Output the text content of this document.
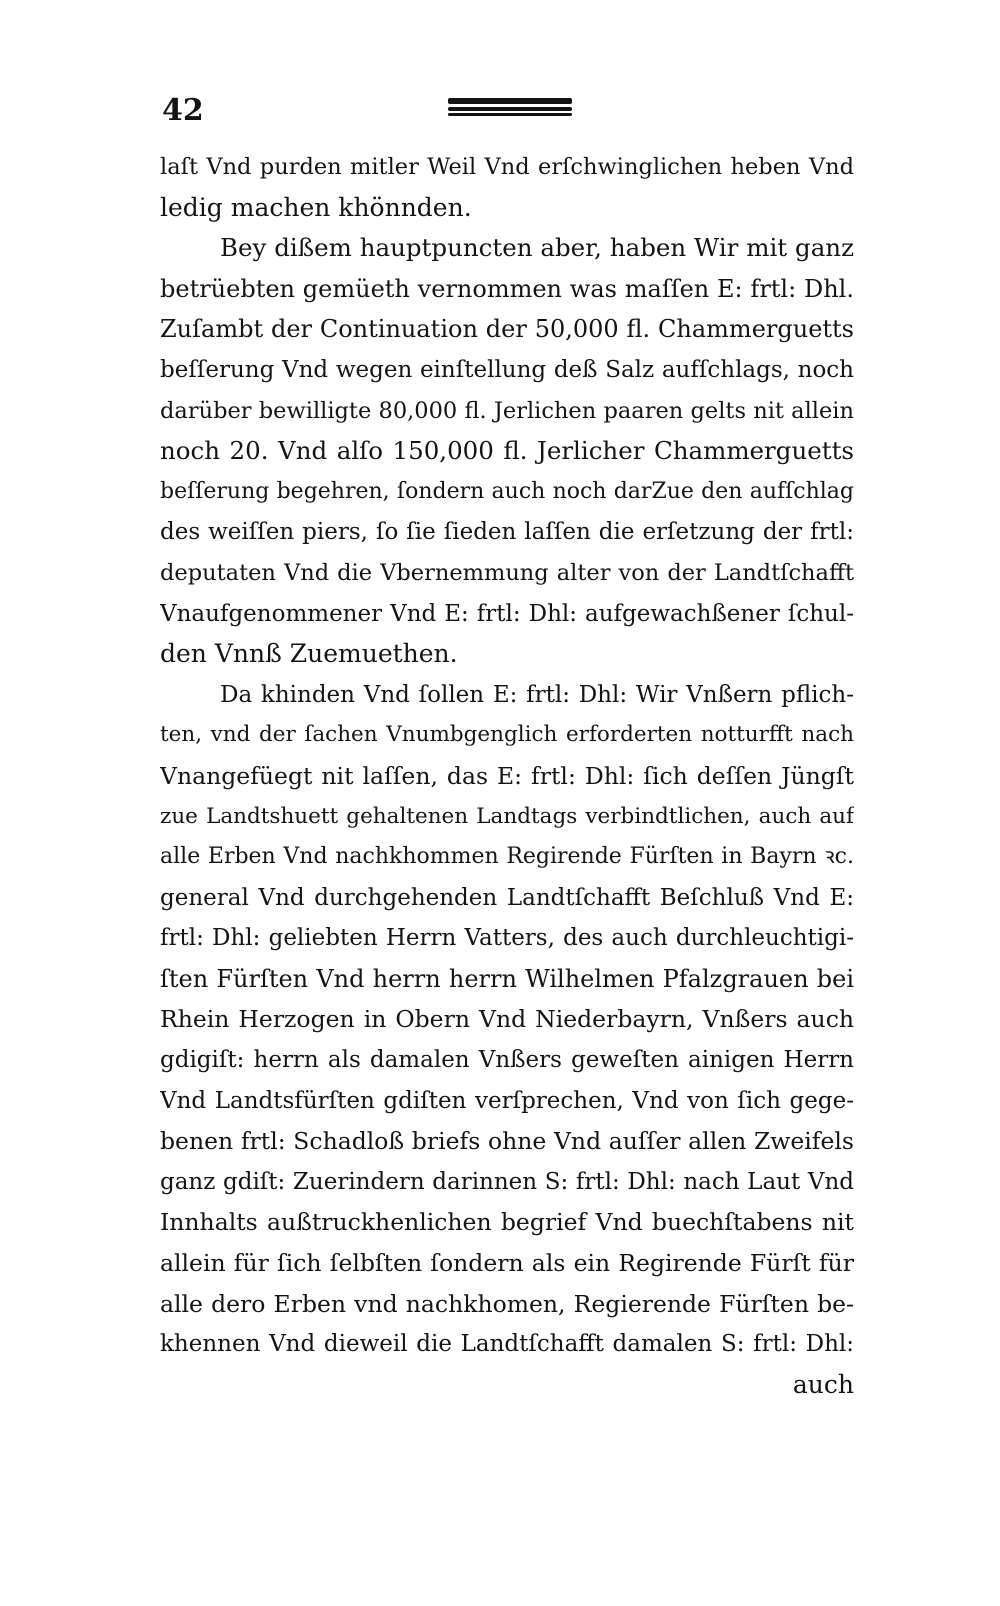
42
laſt Vnd purden mitler Weil Vnd erſchwinglichen heben Vnd
ledig machen khönnden.
Bey dißem hauptpuncten aber, haben Wir mit ganz
betrüebten gemüeth vernommen was maſſen E: frtl: Dhl.
Zuſambt der Continuation der 50,000 fl. Chammerguetts
beſſerung Vnd wegen einſtellung deß Salz aufſchlags, noch
darüber bewilligte 80,000 fl. Jerlichen paaren gelts nit allein
noch 20. Vnd alſo 150,000 fl. Jerlicher Chammerguetts
beſſerung begehren, ſondern auch noch darZue den aufſchlag
des weiſſen piers, ſo ſie ſieden laſſen die erſetzung der frtl:
deputaten Vnd die Vbernemmung alter von der Landtſchafft
Vnaufgenommener Vnd E: frtl: Dhl: aufgewachßener ſchul-
den Vnnß Zuemuethen.
Da khinden Vnd ſollen E: frtl: Dhl: Wir Vnßern pflich-
ten, vnd der ſachen Vnumbgenglich erforderten notturfft nach
Vnangefüegt nit laſſen, das E: frtl: Dhl: ſich deſſen Jüngſt
zue Landtshuett gehaltenen Landtags verbindtlichen, auch auf
alle Erben Vnd nachkhommen Regirende Fürſten in Bayrn ꝛc.
general Vnd durchgehenden Landtſchafft Beſchluß Vnd E:
frtl: Dhl: geliebten Herrn Vatters, des auch durchleuchtigi-
ſten Fürſten Vnd herrn herrn Wilhelmen Pfalzgrauen bei
Rhein Herzogen in Obern Vnd Niederbayrn, Vnßers auch
gdigiſt: herrn als damalen Vnßers geweſten ainigen Herrn
Vnd Landtsfürſten gdiſten verſprechen, Vnd von ſich gege-
benen frtl: Schadloß briefs ohne Vnd auſſer allen Zweifels
ganz gdiſt: Zuerindern darinnen S: frtl: Dhl: nach Laut Vnd
Innhalts außtruckhenlichen begrief Vnd buechſtabens nit
allein für ſich ſelbſten ſondern als ein Regirende Fürſt für
alle dero Erben vnd nachkhomen, Regierende Fürſten be-
khennen Vnd dieweil die Landtſchafft damalen S: frtl: Dhl:
auch
